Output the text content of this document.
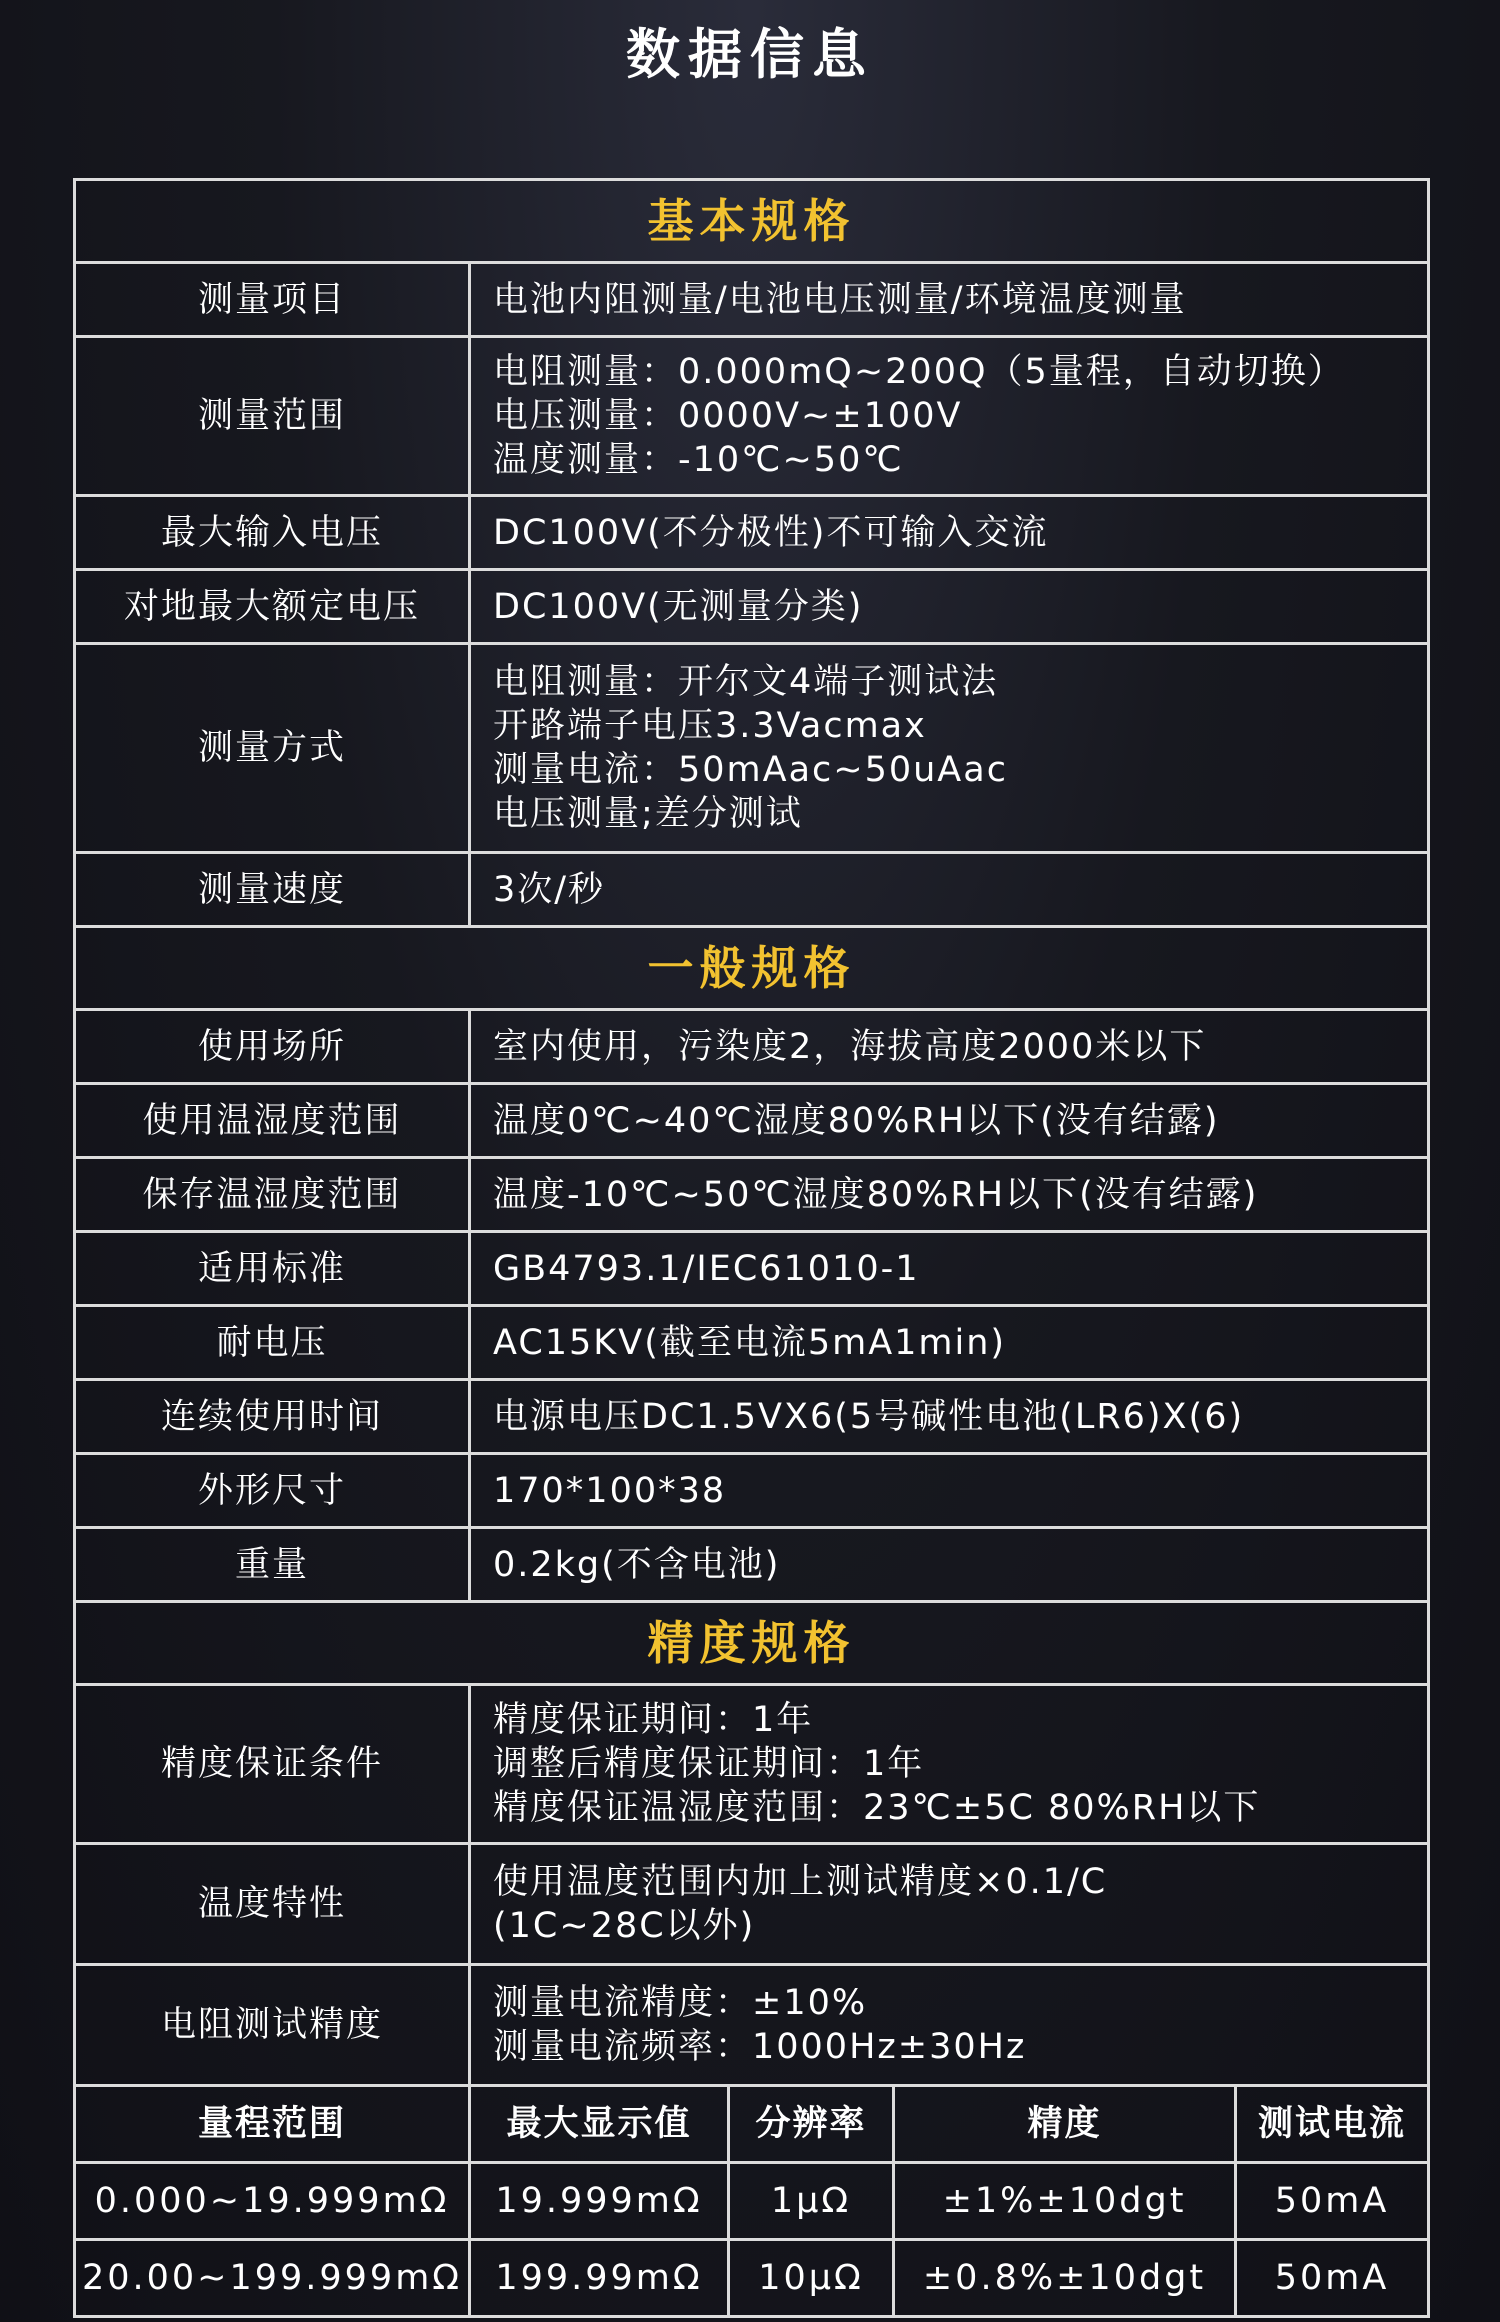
数据信息
基本规格				
测量项目	电池内阻测量/电池电压测量/环境温度测量			
测量范围	电阻测量：0.000mQ~200Q（5量程，自动切换）
电压测量：0000V~±100V
温度测量：-10℃~50℃			
最大输入电压	DC100V(不分极性)不可输入交流			
对地最大额定电压	DC100V(无测量分类)			
测量方式	电阻测量：开尔文4端子测试法
开路端子电压3.3Vacmax
测量电流：50mAac~50uAac
电压测量;差分测试			
测量速度	3次/秒			
一般规格				
使用场所	室内使用，污染度2，海拔高度2000米以下			
使用温湿度范围	温度0℃~40℃湿度80%RH以下(没有结露)			
保存温湿度范围	温度-10℃~50℃湿度80%RH以下(没有结露)			
适用标准	GB4793.1/IEC61010-1			
耐电压	AC15KV(截至电流5mA1min)			
连续使用时间	电源电压DC1.5VX6(5号碱性电池(LR6)X(6)			
外形尺寸	170*100*38			
重量	0.2kg(不含电池)			
精度规格				
精度保证条件	精度保证期间：1年
调整后精度保证期间：1年
精度保证温湿度范围：23℃±5C 80%RH以下			
温度特性	使用温度范围内加上测试精度×0.1/C
(1C~28C以外)			
电阻测试精度	测量电流精度：±10%
测量电流频率：1000Hz±30Hz			
量程范围	最大显示值	分辨率	精度	测试电流
0.000~19.999mΩ	19.999mΩ	1μΩ	±1%±10dgt	50mA
20.00~199.999mΩ	199.99mΩ	10μΩ	±0.8%±10dgt	50mA
